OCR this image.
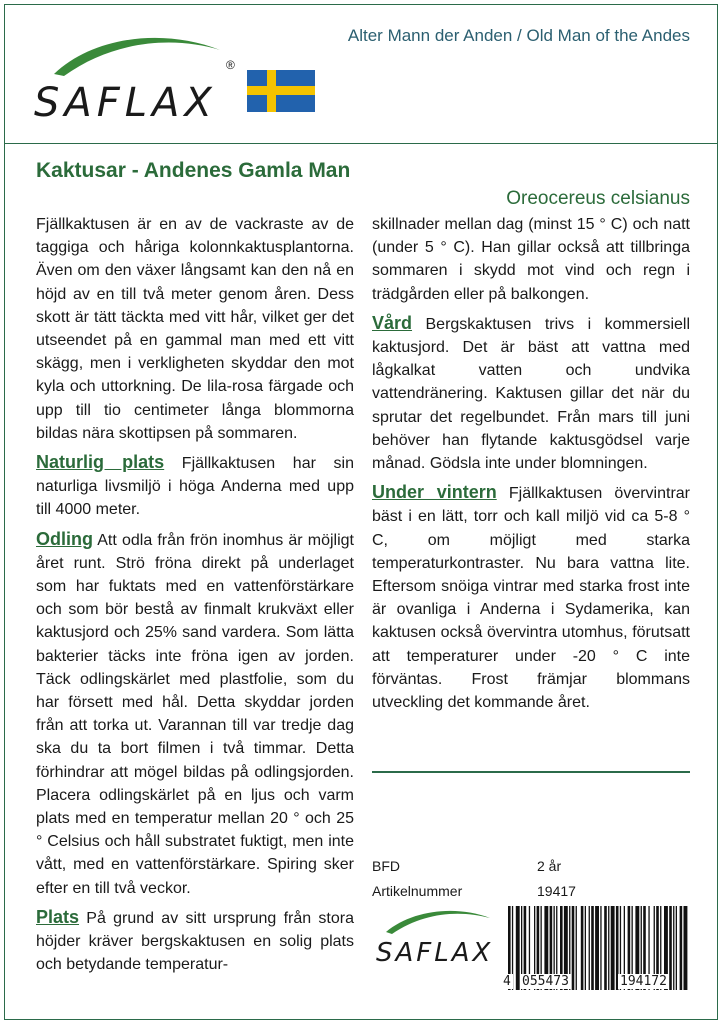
Alter Mann der Anden / Old Man of the Andes
SAFLAX
®
Kaktusar - Andenes Gamla Man
Oreocereus celsianus

Fjällkaktusen är en av de vackraste av de taggiga och håriga kolonnkaktusplantorna. Även om den växer långsamt kan den nå en höjd av en till två meter genom åren. Dess skott är tätt täckta med vitt hår, vilket ger det utseendet på en gammal man med ett vitt skägg, men i verkligheten skyddar den mot kyla och uttorkning. De lila-rosa färgade och upp till tio centimeter långa blommorna bildas nära skottipsen på sommaren.

Naturlig plats Fjällkaktusen har sin naturliga livsmiljö i höga Anderna med upp till 4000 meter.

Odling Att odla från frön inomhus är möjligt året runt. Strö fröna direkt på underlaget som har fuktats med en vattenförstärkare och som bör bestå av finmalt krukväxt eller kaktusjord och 25% sand vardera. Som lätta bakterier täcks inte fröna igen av jorden. Täck odlingskärlet med plastfolie, som du har försett med hål. Detta skyddar jorden från att torka ut. Varannan till var tredje dag ska du ta bort filmen i två timmar. Detta förhindrar att mögel bildas på odlingsjorden. Placera odlingskärlet på en ljus och varm plats med en temperatur mellan 20 ° och 25 ° Celsius och håll substratet fuktigt, men inte vått, med en vattenförstärkare. Spiring sker efter en till två veckor.

Plats På grund av sitt ursprung från stora höjder kräver bergskaktusen en solig plats och betydande temperatur-

skillnader mellan dag (minst 15 ° C) och natt (under 5 ° C). Han gillar också att tillbringa sommaren i skydd mot vind och regn i trädgården eller på balkongen.

Vård Bergskaktusen trivs i kommersiell kaktusjord. Det är bäst att vattna med lågkalkat vatten och undvika vattendränering. Kaktusen gillar det när du sprutar det regelbundet. Från mars till juni behöver han flytande kaktusgödsel varje månad. Gödsla inte under blomningen.

Under vintern Fjällkaktusen övervintrar bäst i en lätt, torr och kall miljö vid ca 5-8 ° C, om möjligt med starka temperaturkontraster. Nu bara vattna lite. Eftersom snöiga vintrar med starka frost inte är ovanliga i Anderna i Sydamerika, kan kaktusen också övervintra utomhus, förutsatt att temperaturer under -20 ° C inte förväntas. Frost främjar blommans utveckling det kommande året.

BFD	2 år
Artikelnummer	19417
SAFLAX
4 055473	194172
